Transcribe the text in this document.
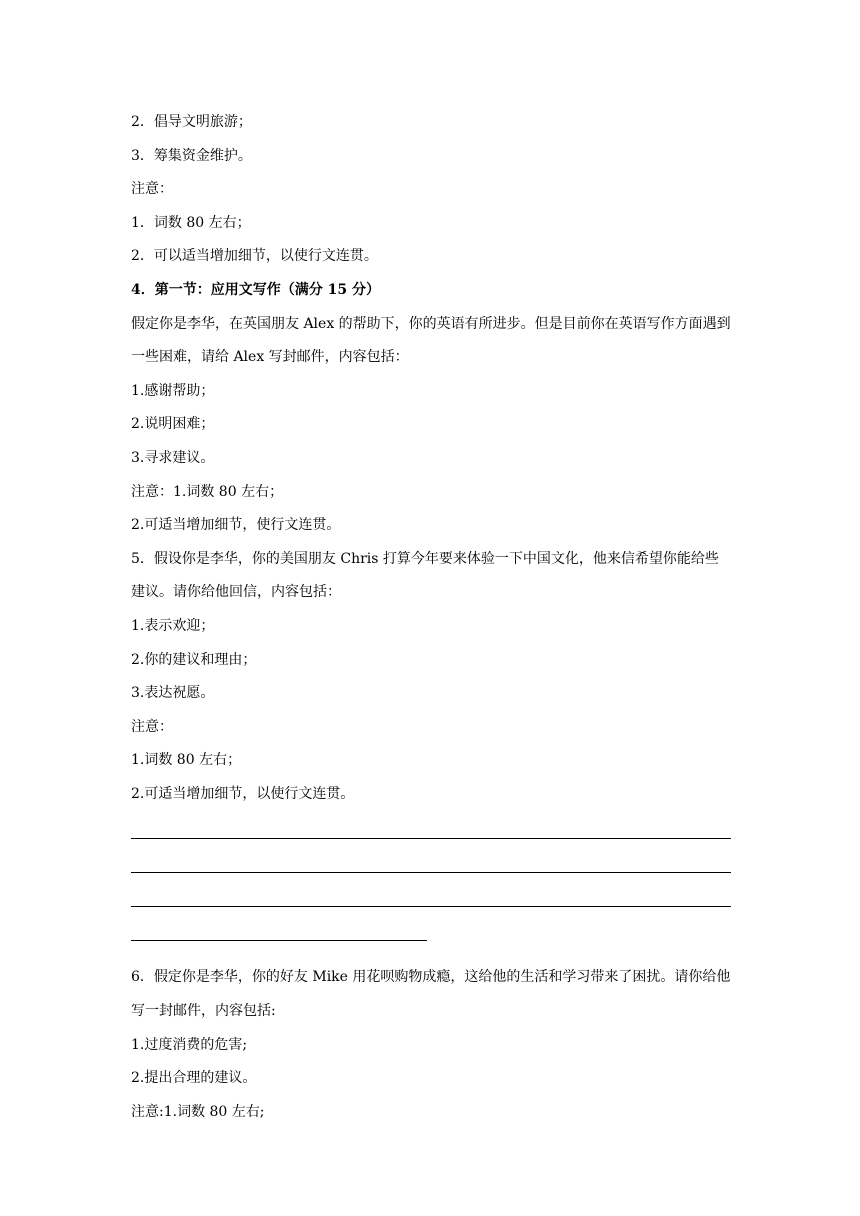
2．倡导文明旅游；
3．筹集资金维护。
注意：
1．词数 80 左右；
2．可以适当增加细节，以使行文连贯。
4．第一节：应用文写作（满分 15 分）
假定你是李华，在英国朋友 Alex 的帮助下，你的英语有所进步。但是目前你在英语写作方面遇到一些困难，请给 Alex 写封邮件，内容包括：
1.感谢帮助；
2.说明困难；
3.寻求建议。
注意：1.词数 80 左右；
2.可适当增加细节，使行文连贯。
5．假设你是李华，你的美国朋友 Chris 打算今年要来体验一下中国文化，他来信希望你能给些建议。请你给他回信，内容包括：
1.表示欢迎；
2.你的建议和理由；
3.表达祝愿。
注意：
1.词数 80 左右；
2.可适当增加细节，以使行文连贯。
6．假定你是李华，你的好友 Mike 用花呗购物成瘾，这给他的生活和学习带来了困扰。请你给他写一封邮件，内容包括:
1.过度消费的危害;
2.提出合理的建议。
注意:1.词数 80 左右;
